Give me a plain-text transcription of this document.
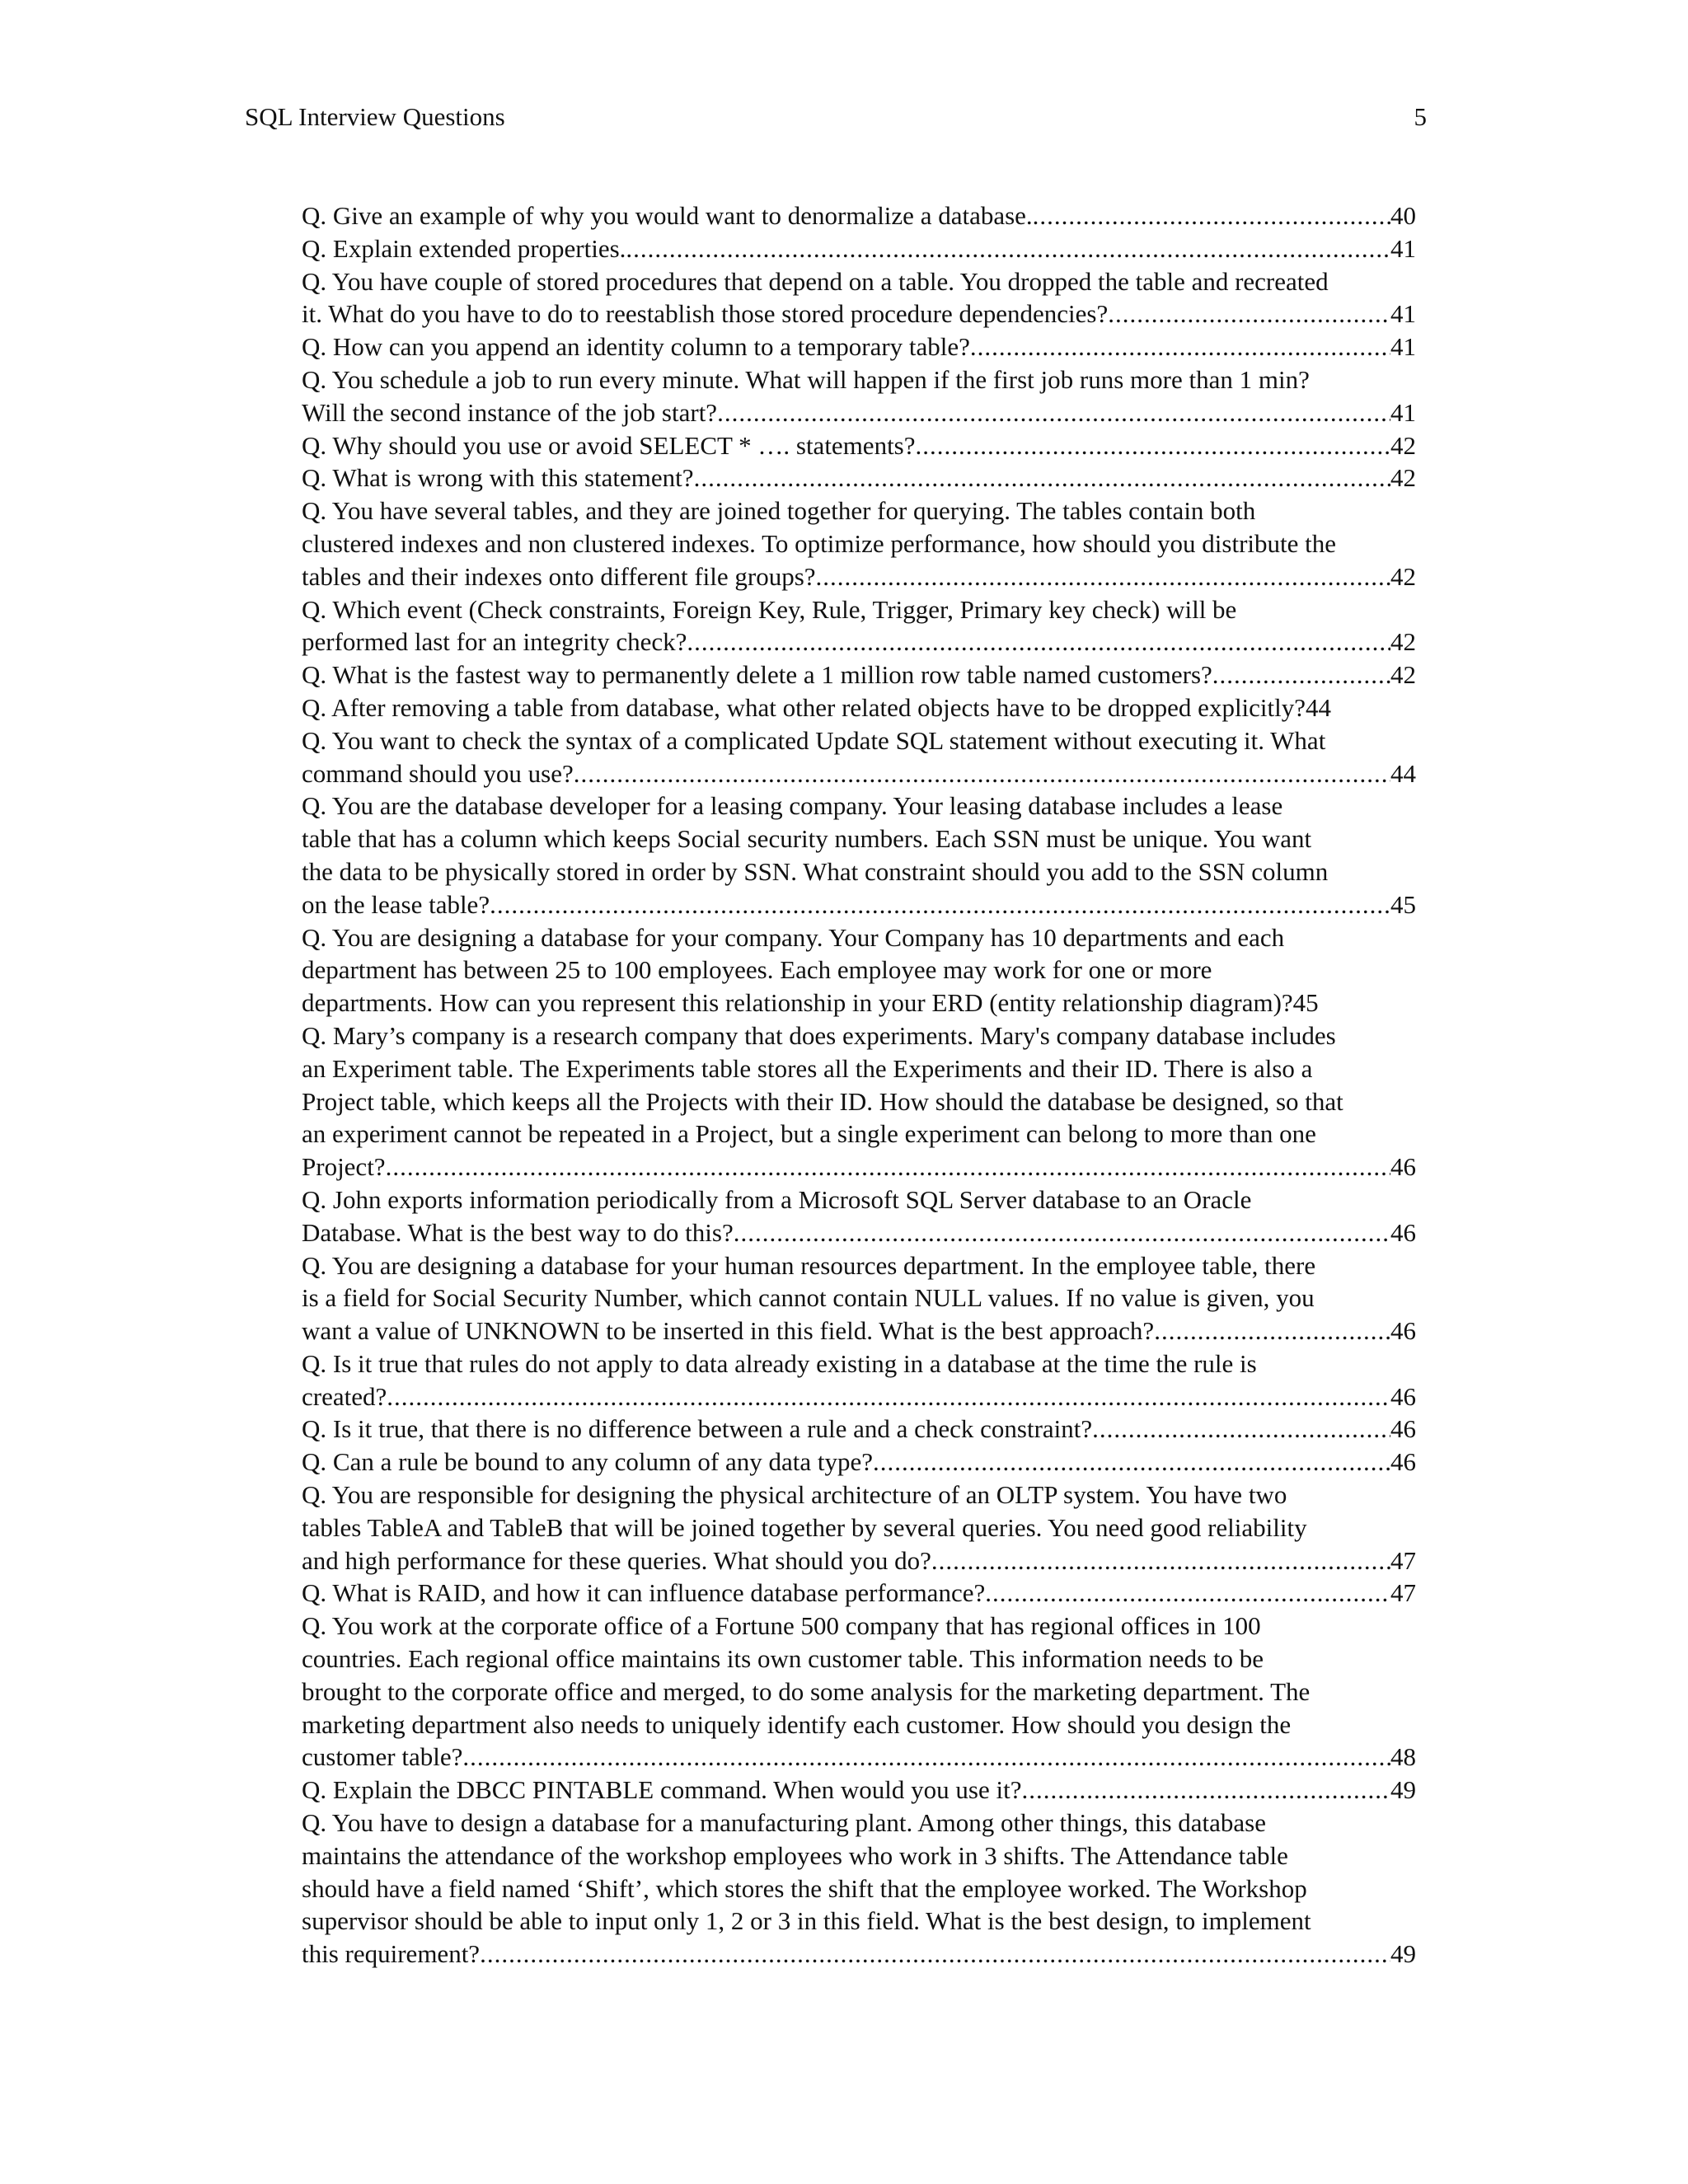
SQL Interview Questions	5
Q. Give an example of why you would want to denormalize a database. .....	40
Q. Explain extended properties. .....	41
Q. You have couple of stored procedures that depend on a table. You dropped the table and recreated
it. What do you have to do to reestablish those stored procedure dependencies? .....	41
Q. How can you append an identity column to a temporary table? .....	41
Q. You schedule a job to run every minute. What will happen if the first job runs more than 1 min?
Will the second instance of the job start? .....	41
Q. Why should you use or avoid SELECT * …. statements? .....	42
Q. What is wrong with this statement? .....	42
Q. You have several tables, and they are joined together for querying. The tables contain both
clustered indexes and non clustered indexes. To optimize performance, how should you distribute the
tables and their indexes onto different file groups? .....	42
Q. Which event (Check constraints, Foreign Key, Rule, Trigger, Primary key check) will be
performed last for an integrity check? .....	42
Q. What is the fastest way to permanently delete a 1 million row table named customers? .....	42
Q. After removing a table from database, what other related objects have to be dropped explicitly? 44
Q. You want to check the syntax of a complicated Update SQL statement without executing it. What
command should you use? .....	44
Q. You are the database developer for a leasing company. Your leasing database includes a lease
table that has a column which keeps Social security numbers. Each SSN must be unique. You want
the data to be physically stored in order by SSN. What constraint should you add to the SSN column
on the lease table? .....	45
Q. You are designing a database for your company. Your Company has 10 departments and each
department has between 25 to 100 employees. Each employee may work for one or more
departments. How can you represent this relationship in your ERD (entity relationship diagram)? 45
Q. Mary’s company is a research company that does experiments. Mary's company database includes
an Experiment table. The Experiments table stores all the Experiments and their ID. There is also a
Project table, which keeps all the Projects with their ID. How should the database be designed, so that
an experiment cannot be repeated in a Project, but a single experiment can belong to more than one
Project? .....	46
Q. John exports information periodically from a Microsoft SQL Server database to an Oracle
Database. What is the best way to do this? .....	46
Q. You are designing a database for your human resources department. In the employee table, there
is a field for Social Security Number, which cannot contain NULL values. If no value is given, you
want a value of UNKNOWN to be inserted in this field. What is the best approach? .....	46
Q. Is it true that rules do not apply to data already existing in a database at the time the rule is
created? .....	46
Q. Is it true, that there is no difference between a rule and a check constraint? .....	46
Q. Can a rule be bound to any column of any data type? .....	46
Q. You are responsible for designing the physical architecture of an OLTP system. You have two
tables TableA and TableB that will be joined together by several queries. You need good reliability
and high performance for these queries. What should you do? .....	47
Q. What is RAID, and how it can influence database performance? .....	47
Q. You work at the corporate office of a Fortune 500 company that has regional offices in 100
countries. Each regional office maintains its own customer table. This information needs to be
brought to the corporate office and merged, to do some analysis for the marketing department. The
marketing department also needs to uniquely identify each customer. How should you design the
customer table? .....	48
Q. Explain the DBCC PINTABLE command. When would you use it? .....	49
Q. You have to design a database for a manufacturing plant. Among other things, this database
maintains the attendance of the workshop employees who work in 3 shifts. The Attendance table
should have a field named ‘Shift’, which stores the shift that the employee worked. The Workshop
supervisor should be able to input only 1, 2 or 3 in this field. What is the best design, to implement
this requirement? .....	49
